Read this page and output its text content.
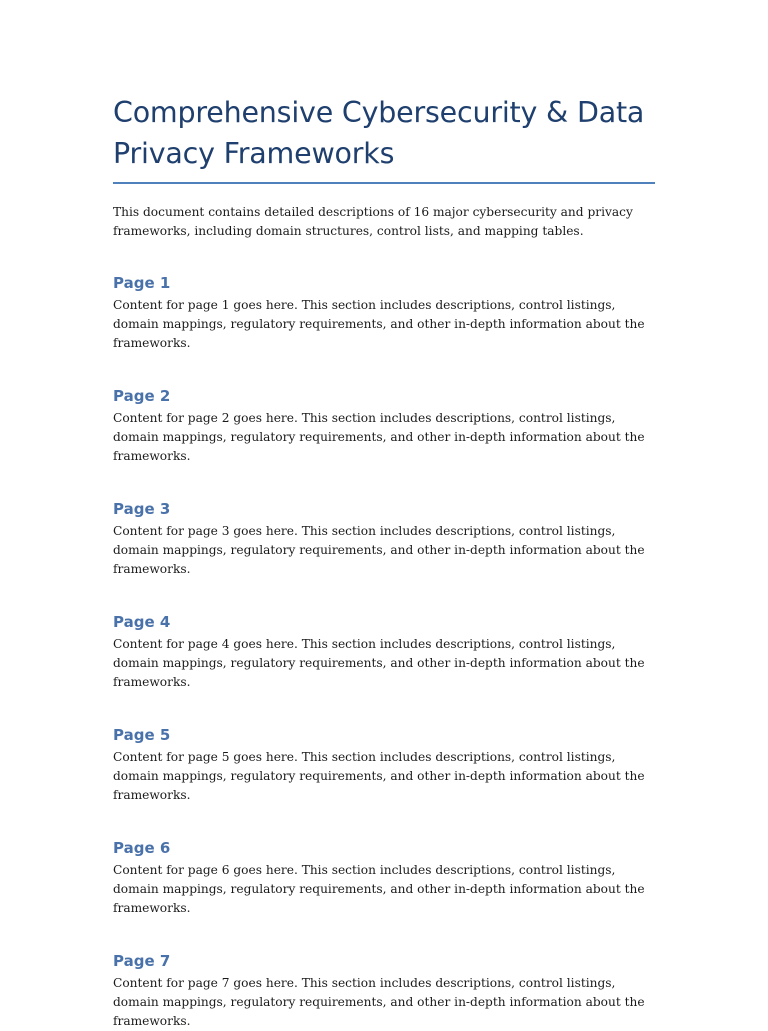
Comprehensive Cybersecurity & Data Privacy Frameworks

This document contains detailed descriptions of 16 major cybersecurity and privacy frameworks, including domain structures, control lists, and mapping tables.

Page 1

Content for page 1 goes here. This section includes descriptions, control listings, domain mappings, regulatory requirements, and other in-depth information about the frameworks.

Page 2

Content for page 2 goes here. This section includes descriptions, control listings, domain mappings, regulatory requirements, and other in-depth information about the frameworks.

Page 3

Content for page 3 goes here. This section includes descriptions, control listings, domain mappings, regulatory requirements, and other in-depth information about the frameworks.

Page 4

Content for page 4 goes here. This section includes descriptions, control listings, domain mappings, regulatory requirements, and other in-depth information about the frameworks.

Page 5

Content for page 5 goes here. This section includes descriptions, control listings, domain mappings, regulatory requirements, and other in-depth information about the frameworks.

Page 6

Content for page 6 goes here. This section includes descriptions, control listings, domain mappings, regulatory requirements, and other in-depth information about the frameworks.

Page 7

Content for page 7 goes here. This section includes descriptions, control listings, domain mappings, regulatory requirements, and other in-depth information about the frameworks.
